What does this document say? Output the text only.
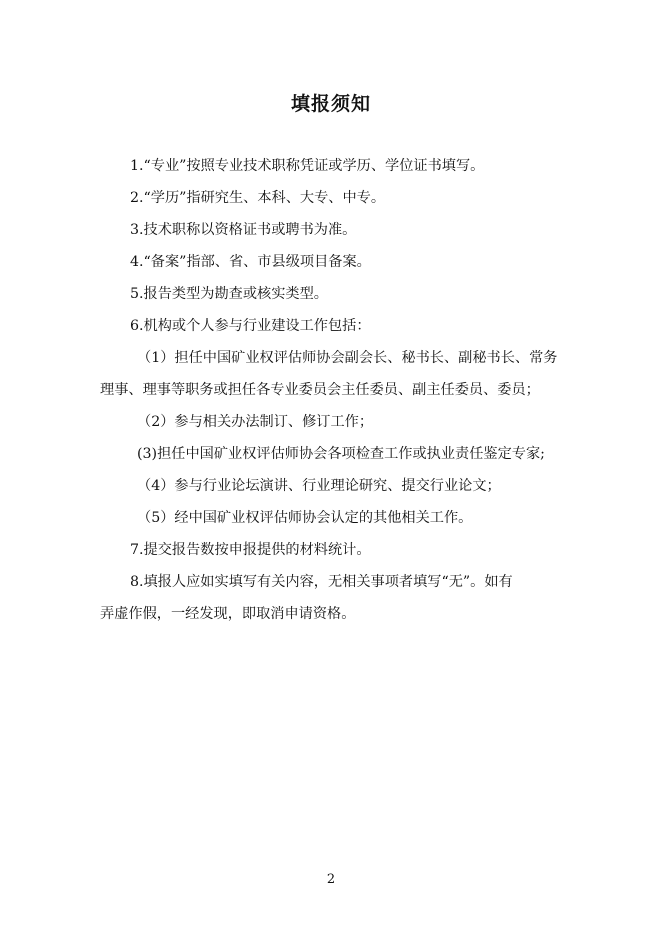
填报须知
1.“专业”按照专业技术职称凭证或学历、学位证书填写。
2.“学历”指研究生、本科、大专、中专。
3.技术职称以资格证书或聘书为准。
4.“备案”指部、省、市县级项目备案。
5.报告类型为勘查或核实类型。
6.机构或个人参与行业建设工作包括：
（1）担任中国矿业权评估师协会副会长、秘书长、副秘书长、常务
理事、理事等职务或担任各专业委员会主任委员、副主任委员、委员；
（2）参与相关办法制订、修订工作；
(3)担任中国矿业权评估师协会各项检查工作或执业责任鉴定专家;
（4）参与行业论坛演讲、行业理论研究、提交行业论文；
（5）经中国矿业权评估师协会认定的其他相关工作。
7.提交报告数按申报提供的材料统计。
8.填报人应如实填写有关内容，无相关事项者填写“无”。如有
弄虚作假，一经发现，即取消申请资格。
2
